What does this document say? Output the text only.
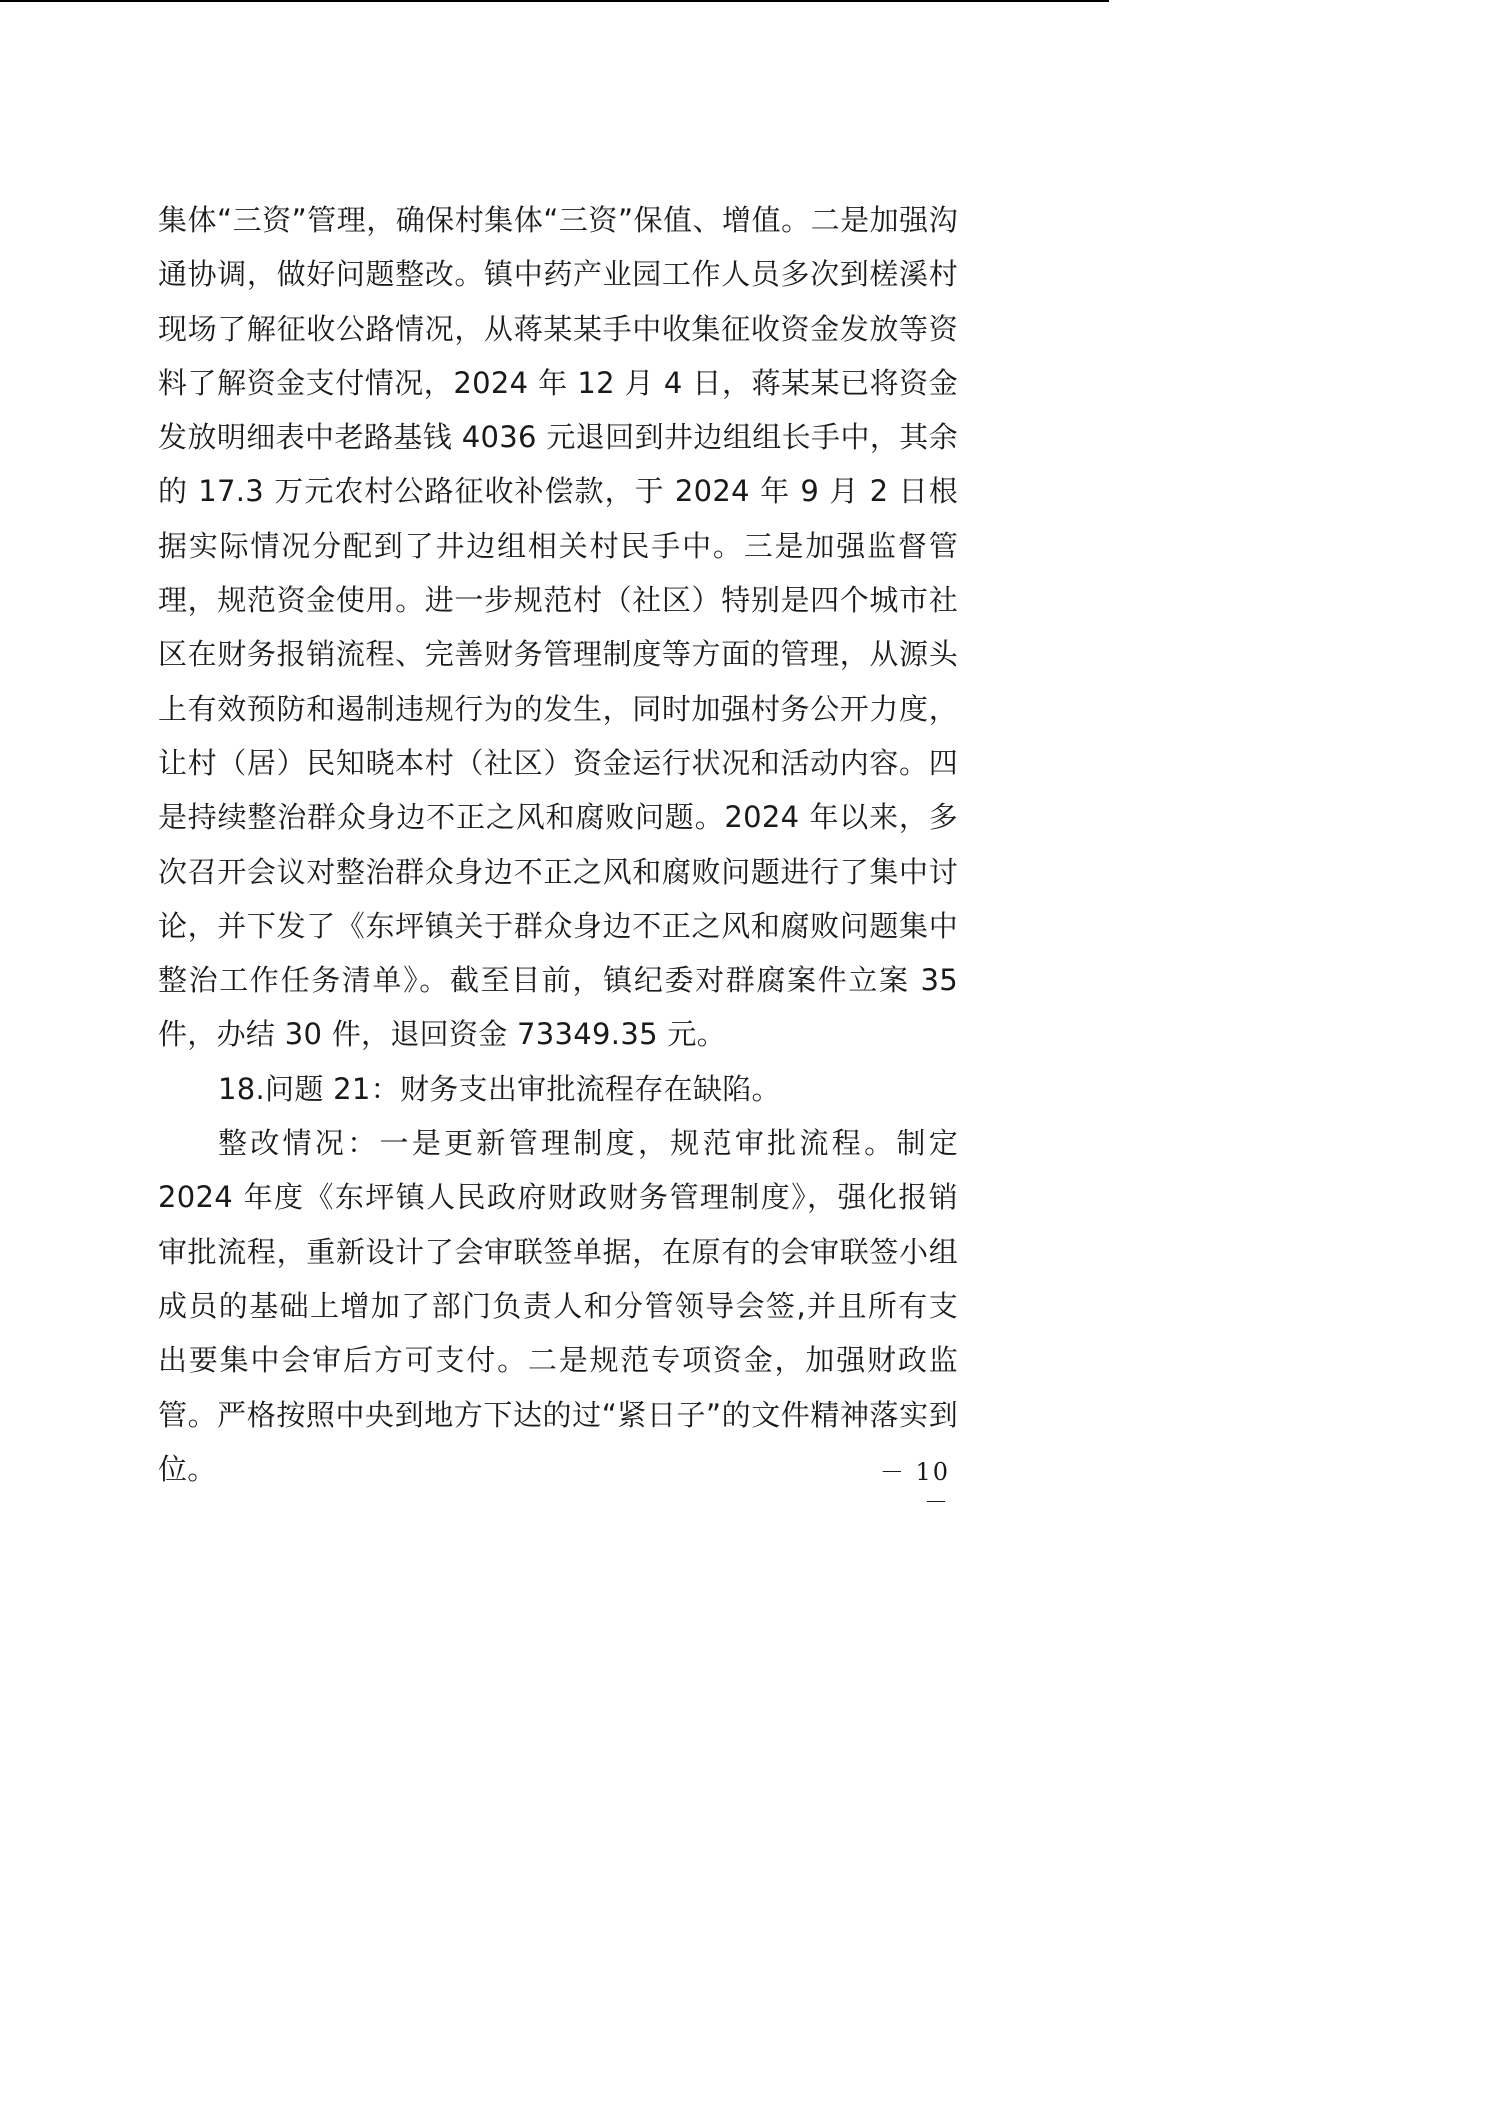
集体“三资”管理，确保村集体“三资”保值、增值。二是加强沟通协调，做好问题整改。镇中药产业园工作人员多次到槎溪村现场了解征收公路情况，从蒋某某手中收集征收资金发放等资料了解资金支付情况，2024 年 12 月 4 日，蒋某某已将资金发放明细表中老路基钱 4036 元退回到井边组组长手中，其余的 17.3 万元农村公路征收补偿款，于 2024 年 9 月 2 日根据实际情况分配到了井边组相关村民手中。三是加强监督管理，规范资金使用。进一步规范村（社区）特别是四个城市社区在财务报销流程、完善财务管理制度等方面的管理，从源头上有效预防和遏制违规行为的发生，同时加强村务公开力度，让村（居）民知晓本村（社区）资金运行状况和活动内容。四是持续整治群众身边不正之风和腐败问题。2024 年以来，多次召开会议对整治群众身边不正之风和腐败问题进行了集中讨论，并下发了《东坪镇关于群众身边不正之风和腐败问题集中整治工作任务清单》。截至目前，镇纪委对群腐案件立案 35 件，办结 30 件，退回资金 73349.35 元。

18.问题 21：财务支出审批流程存在缺陷。

整改情况：一是更新管理制度，规范审批流程。制定 2024 年度《东坪镇人民政府财政财务管理制度》，强化报销审批流程，重新设计了会审联签单据，在原有的会审联签小组成员的基础上增加了部门负责人和分管领导会签,并且所有支出要集中会审后方可支付。二是规范专项资金，加强财政监管。严格按照中央到地方下达的过“紧日子”的文件精神落实到位。	－ 10 －
